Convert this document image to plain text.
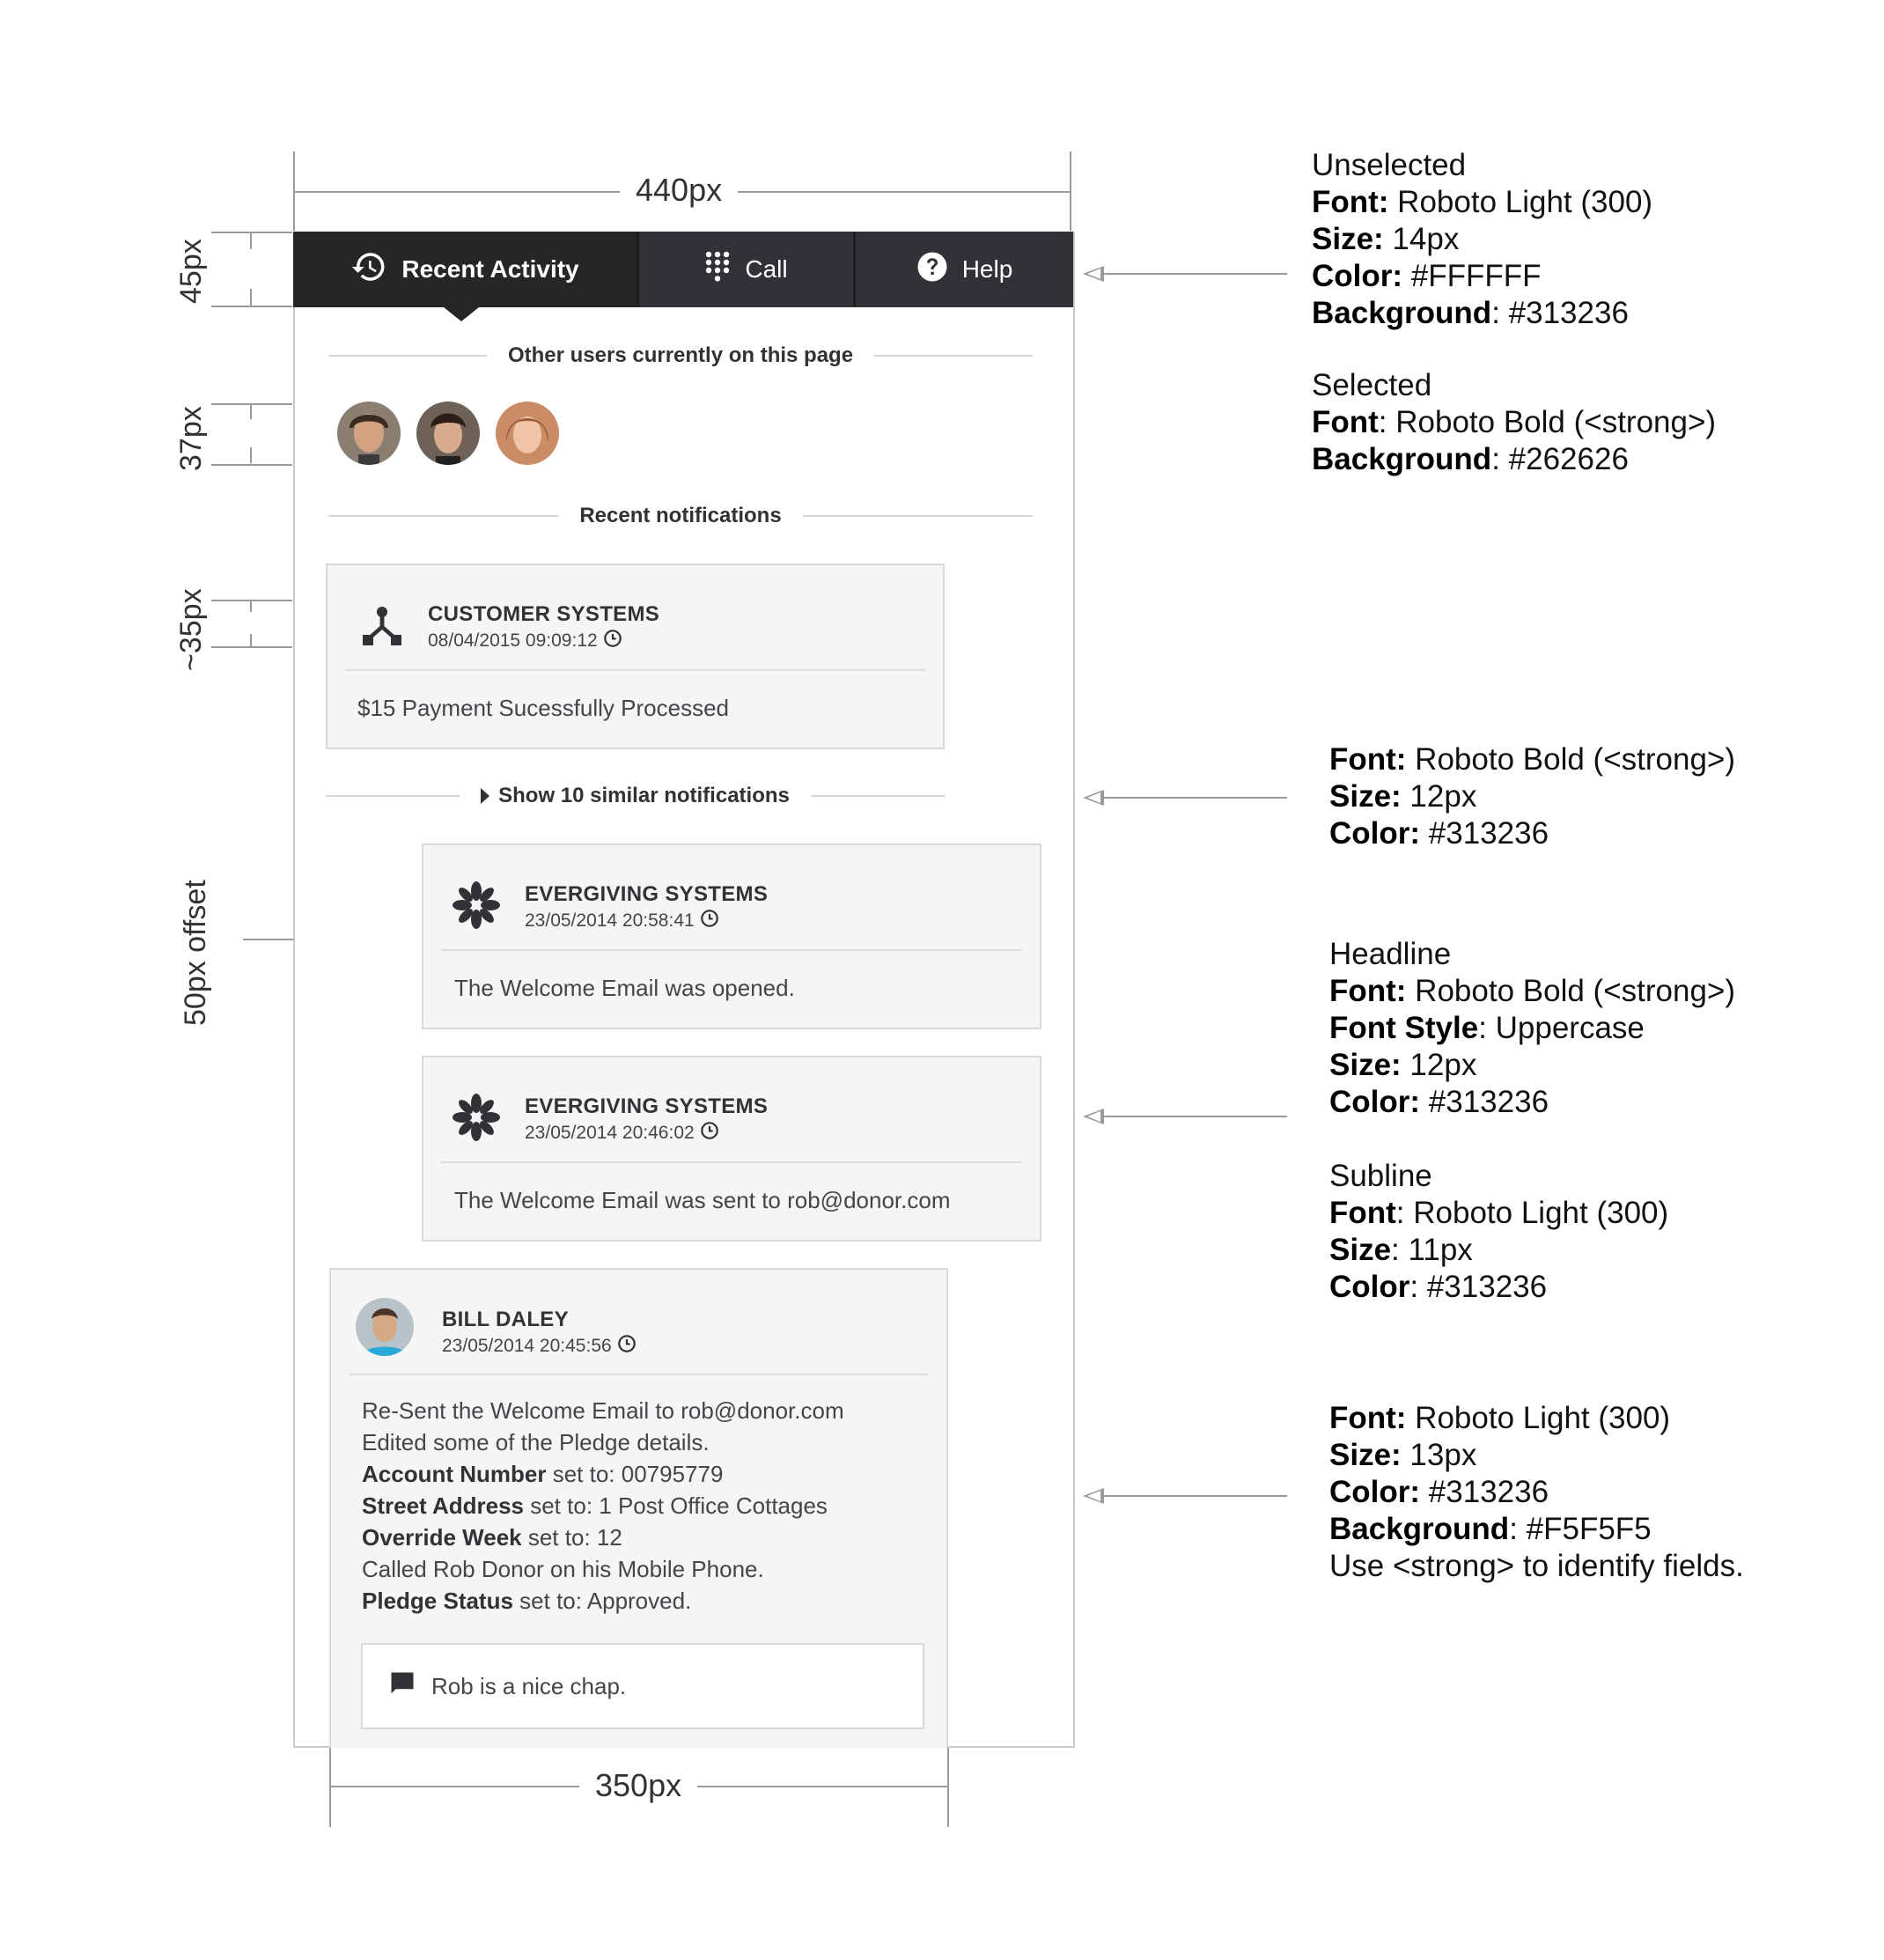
440px
45px
37px
~35px
50px offset
350px
Recent Activity	Call	Help
Other users currently on this page
Recent notifications
CUSTOMER SYSTEMS
08/04/2015 09:09:12
$15 Payment Sucessfully Processed
Show 10 similar notifications
EVERGIVING SYSTEMS
23/05/2014 20:58:41
The Welcome Email was opened.
EVERGIVING SYSTEMS
23/05/2014 20:46:02
The Welcome Email was sent to rob@donor.com
BILL DALEY
23/05/2014 20:45:56
Re-Sent the Welcome Email to rob@donor.com
Edited some of the Pledge details.
Account Number set to: 00795779
Street Address set to: 1 Post Office Cottages
Override Week set to: 12
Called Rob Donor on his Mobile Phone.
Pledge Status set to: Approved.
Rob is a nice chap.
Unselected
Font: Roboto Light (300)
Size: 14px
Color: #FFFFFF
Background: #313236
Selected
Font: Roboto Bold (<strong>)
Background: #262626
Font: Roboto Bold (<strong>)
Size: 12px
Color: #313236
Headline
Font: Roboto Bold (<strong>)
Font Style: Uppercase
Size: 12px
Color: #313236
Subline
Font: Roboto Light (300)
Size: 11px
Color: #313236
Font: Roboto Light (300)
Size: 13px
Color: #313236
Background: #F5F5F5
Use <strong> to identify fields.
